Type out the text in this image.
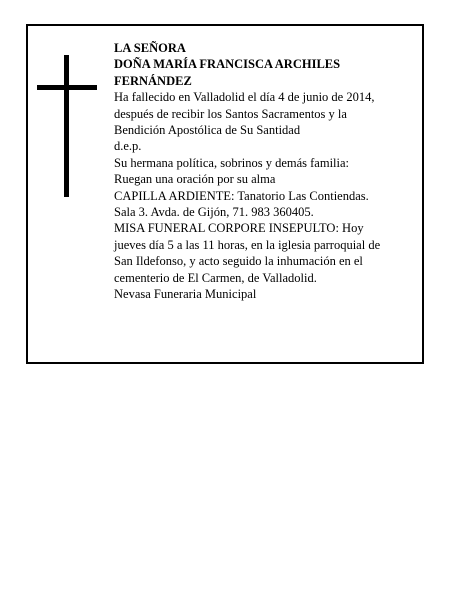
LA SEÑORA
DOÑA MARÍA FRANCISCA ARCHILES
FERNÁNDEZ
Ha fallecido en Valladolid el día 4 de junio de 2014,
después de recibir los Santos Sacramentos y la
Bendición Apostólica de Su Santidad
d.e.p.
Su hermana política, sobrinos y demás familia:
Ruegan una oración por su alma
CAPILLA ARDIENTE: Tanatorio Las Contiendas.
Sala 3. Avda. de Gijón, 71. 983 360405.
MISA FUNERAL CORPORE INSEPULTO: Hoy
jueves día 5 a las 11 horas, en la iglesia parroquial de
San Ildefonso, y acto seguido la inhumación en el
cementerio de El Carmen, de Valladolid.
Nevasa Funeraria Municipal
